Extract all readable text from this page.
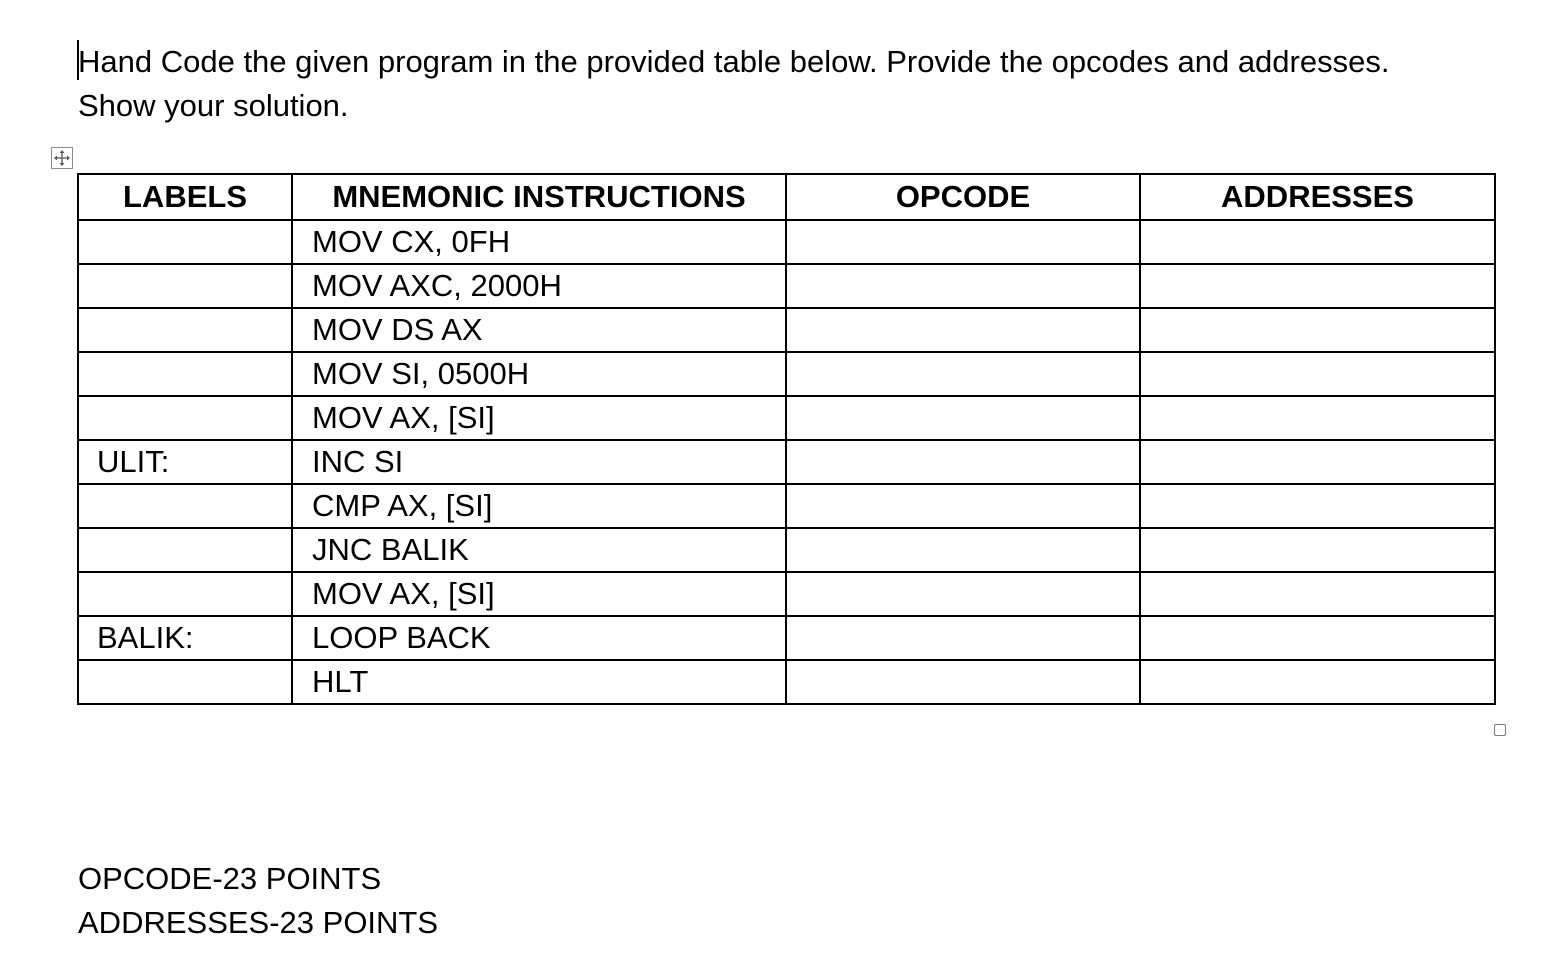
Hand Code the given program in the provided table below. Provide the opcodes and addresses.
Show your solution.
LABELS	MNEMONIC INSTRUCTIONS	OPCODE	ADDRESSES
	MOV CX, 0FH		
	MOV AXC, 2000H		
	MOV DS AX		
	MOV SI, 0500H		
	MOV AX, [SI]		
ULIT:	INC SI		
	CMP AX, [SI]		
	JNC BALIK		
	MOV AX, [SI]		
BALIK:	LOOP BACK		
	HLT		
OPCODE-23 POINTS
ADDRESSES-23 POINTS
